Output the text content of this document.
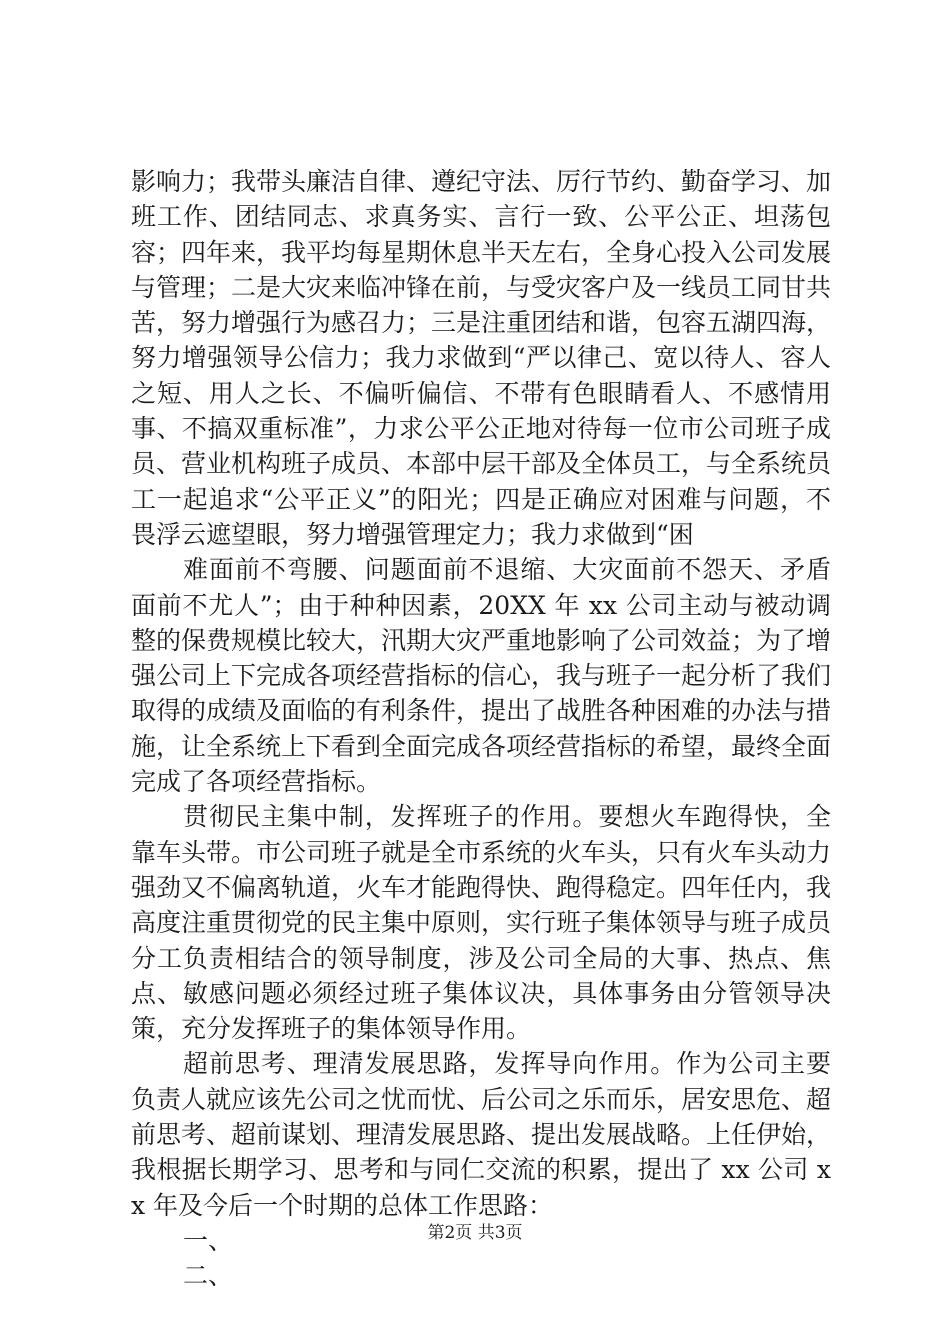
影响力；我带头廉洁自律、遵纪守法、厉行节约、勤奋学习、加班工作、团结同志、求真务实、言行一致、公平公正、坦荡包容；四年来，我平均每星期休息半天左右，全身心投入公司发展与管理；二是大灾来临冲锋在前，与受灾客户及一线员工同甘共苦，努力增强行为感召力；三是注重团结和谐，包容五湖四海，努力增强领导公信力；我力求做到“严以律己、宽以待人、容人之短、用人之长、不偏听偏信、不带有色眼睛看人、不感情用事、不搞双重标准”，力求公平公正地对待每一位市公司班子成员、营业机构班子成员、本部中层干部及全体员工，与全系统员工一起追求“公平正义”的阳光；四是正确应对困难与问题，不畏浮云遮望眼，努力增强管理定力；我力求做到“困

难面前不弯腰、问题面前不退缩、大灾面前不怨天、矛盾面前不尤人”；由于种种因素，20XX 年 xx 公司主动与被动调整的保费规模比较大，汛期大灾严重地影响了公司效益；为了增强公司上下完成各项经营指标的信心，我与班子一起分析了我们取得的成绩及面临的有利条件，提出了战胜各种困难的办法与措施，让全系统上下看到全面完成各项经营指标的希望，最终全面完成了各项经营指标。

贯彻民主集中制，发挥班子的作用。要想火车跑得快，全靠车头带。市公司班子就是全市系统的火车头，只有火车头动力强劲又不偏离轨道，火车才能跑得快、跑得稳定。四年任内，我高度注重贯彻党的民主集中原则，实行班子集体领导与班子成员分工负责相结合的领导制度，涉及公司全局的大事、热点、焦点、敏感问题必须经过班子集体议决，具体事务由分管领导决策，充分发挥班子的集体领导作用。

超前思考、理清发展思路，发挥导向作用。作为公司主要负责人就应该先公司之忧而忧、后公司之乐而乐，居安思危、超前思考、超前谋划、理清发展思路、提出发展战略。上任伊始，我根据长期学习、思考和与同仁交流的积累，提出了 xx 公司 xx 年及今后一个时期的总体工作思路：

一、

二、

第2页 共3页
